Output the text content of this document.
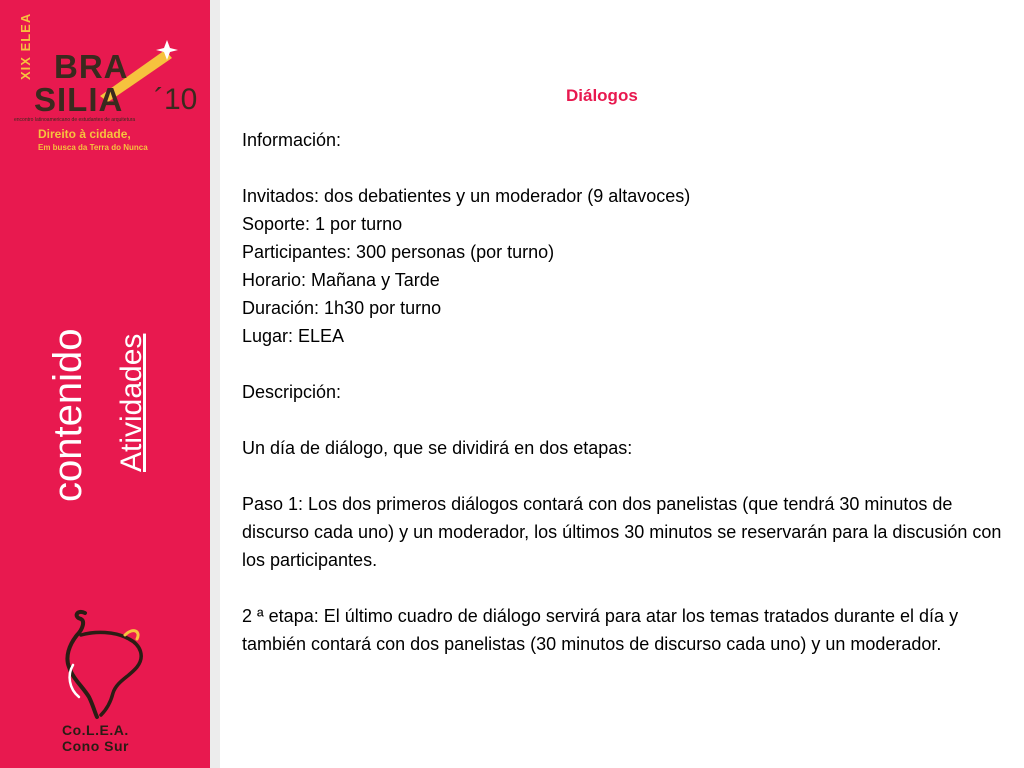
XIX ELEA BRA
SILIA ´10
encontro latinoamericano de estudantes de arquitetura
Direito à cidade,
Em busca da Terra do Nunca
contenido Atividades
Co.L.E.A.
Cono Sur
Diálogos

Información:

Invitados: dos debatientes y un moderador (9 altavoces)

Soporte: 1 por turno

Participantes: 300 personas (por turno)

Horario: Mañana y Tarde

Duración: 1h30 por turno

Lugar: ELEA

Descripción:

Un día de diálogo, que se dividirá en dos etapas:

Paso 1: Los dos primeros diálogos contará con dos panelistas (que tendrá 30 minutos de discurso cada uno) y un moderador, los últimos 30 minutos se reservarán para la discusión con los participantes.

2 ª etapa: El último cuadro de diálogo servirá para atar los temas tratados durante el día y también contará con dos panelistas (30 minutos de discurso cada uno) y un moderador.
